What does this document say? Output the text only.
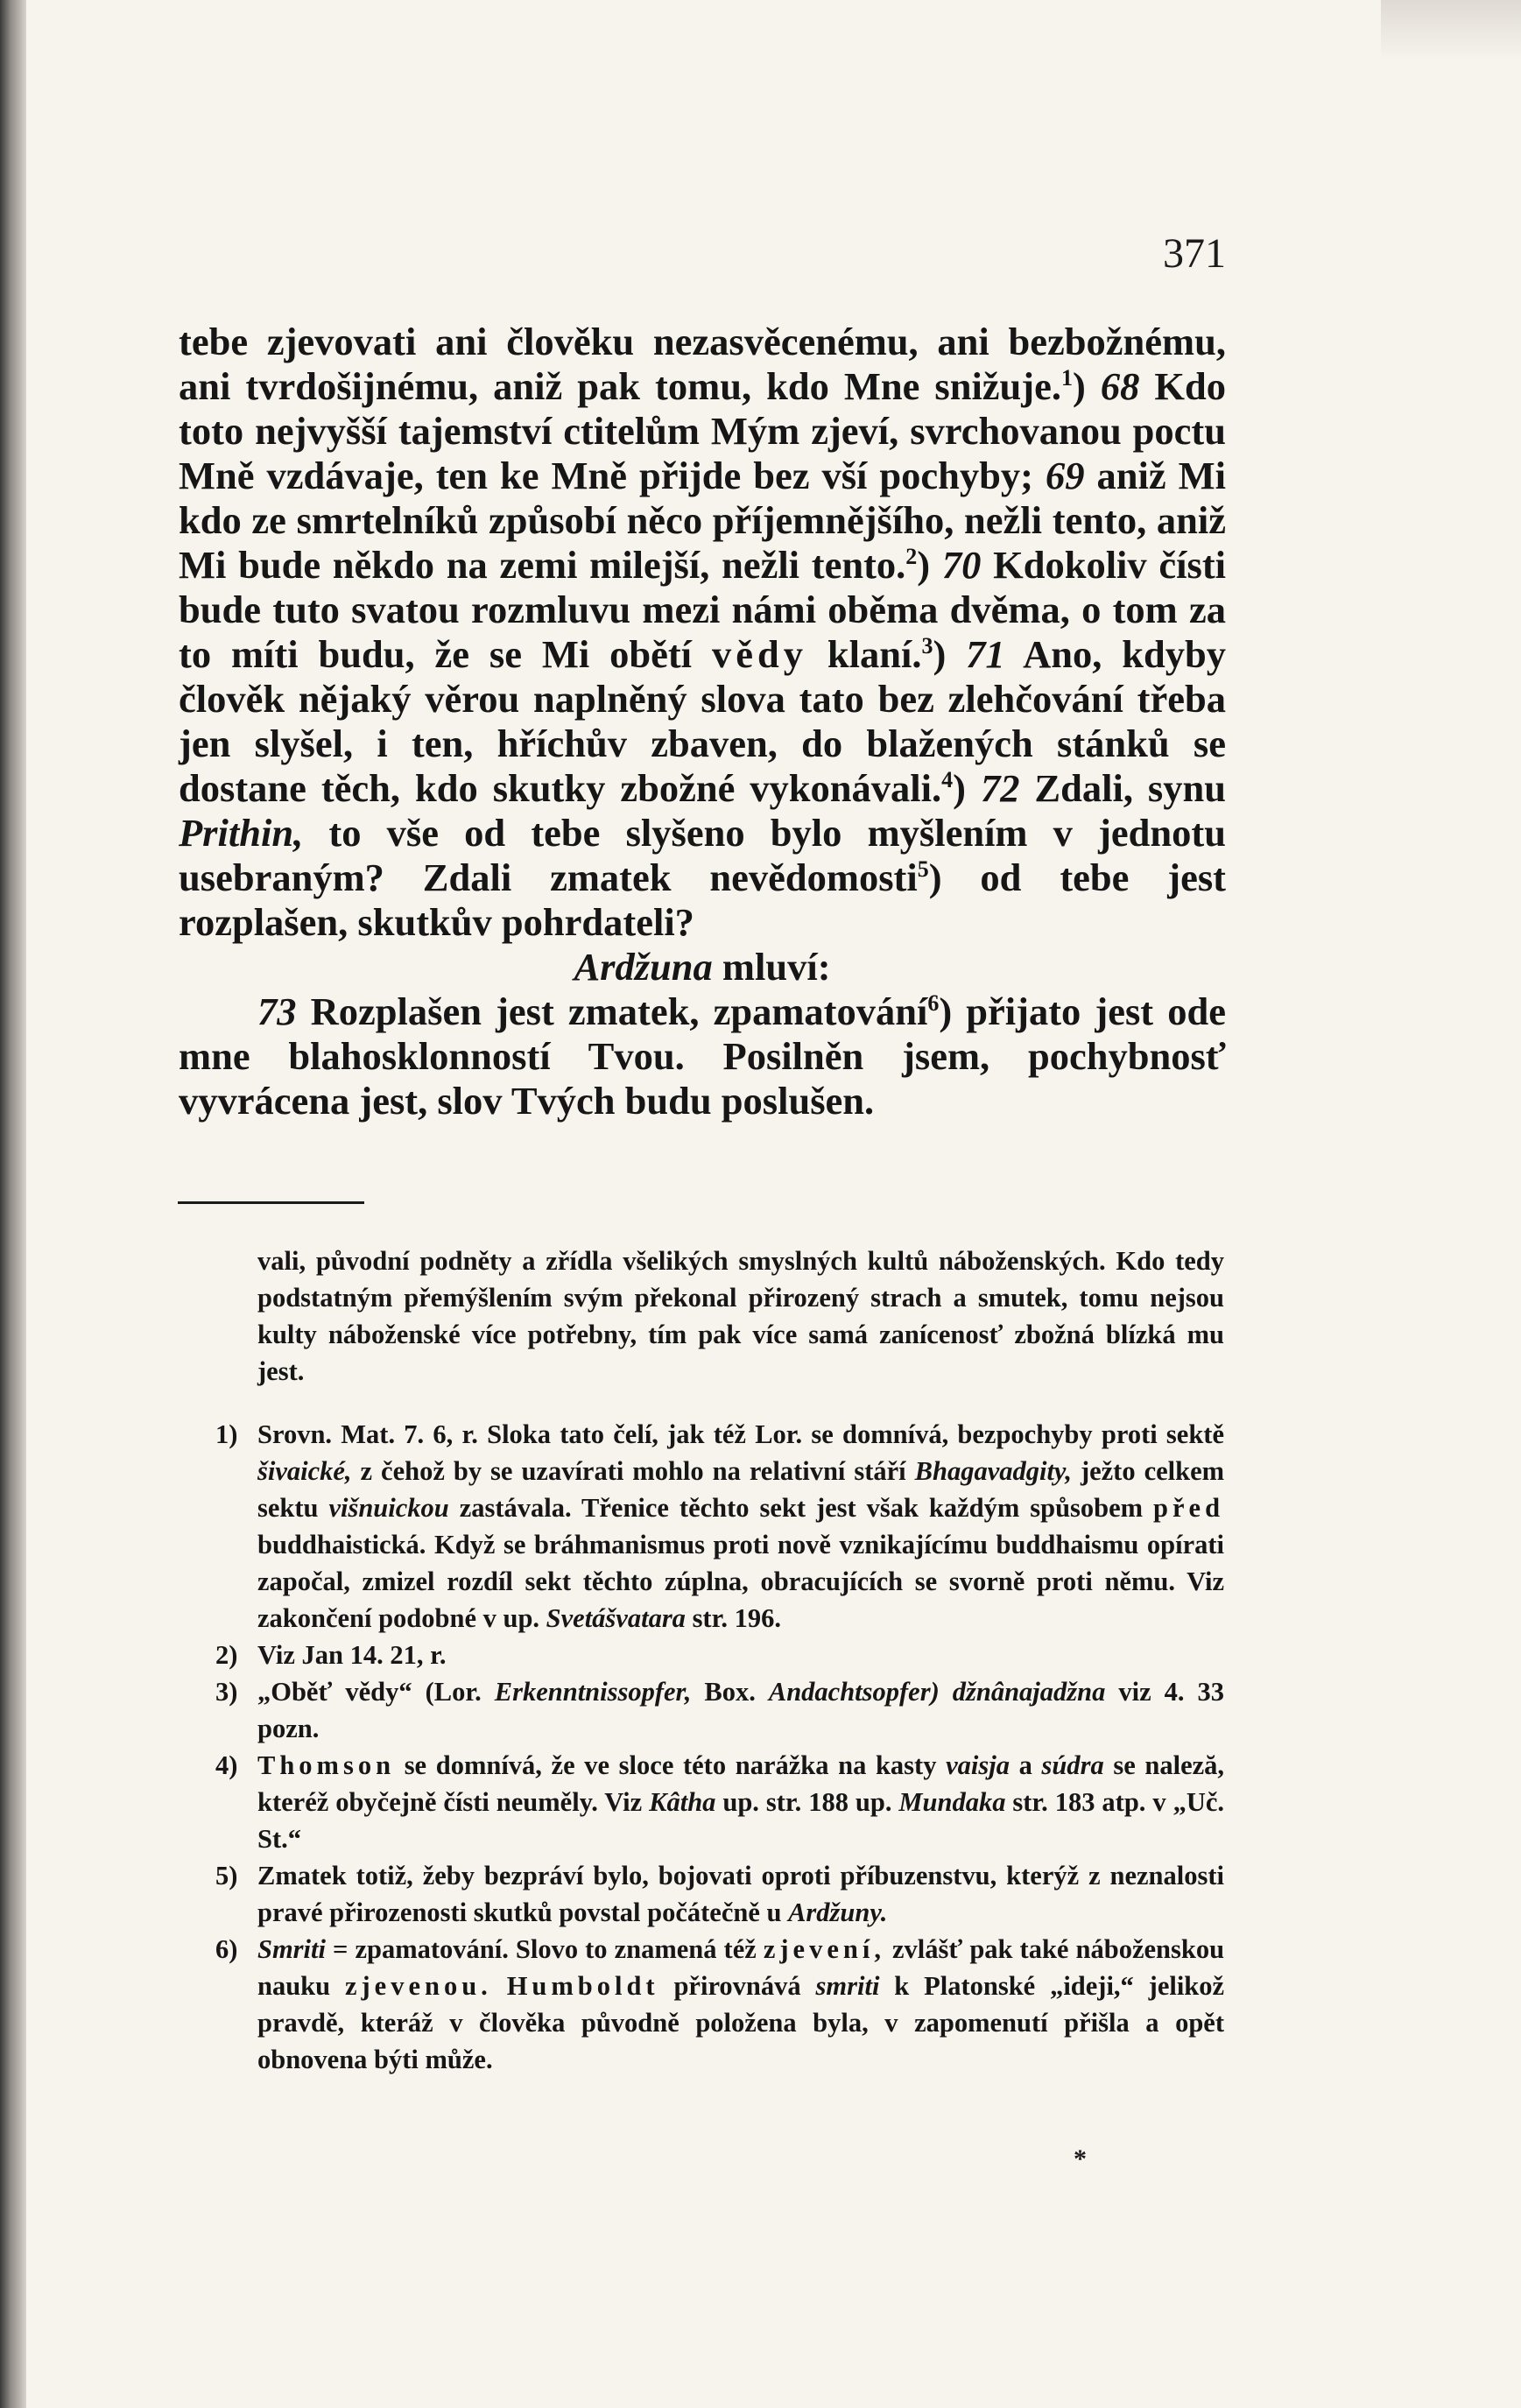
371

tebe zjevovati ani člověku nezasvěcenému, ani bezbožnému, ani tvrdošijnému, aniž pak tomu, kdo Mne snižuje.$^1$) 68 Kdo toto nejvyšší tajemství ctitelům Mým zjeví, svrchovanou poctu Mně vzdávaje, ten ke Mně přijde bez vší pochyby; 69 aniž Mi kdo ze smrtelníků způsobí něco příjemnějšího, nežli tento, aniž Mi bude někdo na zemi milejší, nežli tento.$^2$) 70 Kdokoliv čísti bude tuto svatou rozmluvu mezi námi oběma dvěma, o tom za to míti budu, že se Mi obětí vědy klaní.$^3$) 71 Ano, kdyby člověk nějaký věrou naplněný slova tato bez zlehčování třeba jen slyšel, i ten, hříchův zbaven, do blažených stánků se dostane těch, kdo skutky zbožné vykonávali.$^4$) 72 Zdali, synu Prithin, to vše od tebe slyšeno bylo myšlením v jednotu usebraným? Zdali zmatek nevědomosti$^5$) od tebe jest rozplašen, skutkův pohrdateli?

Ardžuna mluví:

73 Rozplašen jest zmatek, zpamatování$^6$) přijato jest ode mne blahosklonností Tvou. Posilněn jsem, pochybnosť vyvrácena jest, slov Tvých budu poslušen.

vali, původní podněty a zřídla všelikých smyslných kultů náboženských. Kdo tedy podstatným přemýšlením svým překonal přirozený strach a smutek, tomu nejsou kulty náboženské více potřebny, tím pak více samá zanícenosť zbožná blízká mu jest.

1) Srovn. Mat. 7. 6, r. Sloka tato čelí, jak též Lor. se domnívá, bezpochyby proti sektě šivaické, z čehož by se uzavírati mohlo na relativní stáří Bhagavadgity, ježto celkem sektu višnuickou zastávala. Třenice těchto sekt jest však každým spůsobem před buddhaistická. Když se bráhmanismus proti nově vznikajícímu buddhaismu opírati započal, zmizel rozdíl sekt těchto zúplna, obracujících se svorně proti němu. Viz zakončení podobné v up. Svetášvatara str. 196.
2) Viz Jan 14. 21, r.
3) „Oběť vědy“ (Lor. Erkenntnissopfer, Box. Andachtsopfer) džnânajadžna viz 4. 33 pozn.
4) Thomson se domnívá, že ve sloce této narážka na kasty vaisja a súdra se naleză, kteréž obyčejně čísti neuměly. Viz Kâtha up. str. 188 up. Mundaka str. 183 atp. v „Uč. St.“
5) Zmatek totiž, žeby bezpráví bylo, bojovati oproti příbuzenstvu, kterýž z neznalosti pravé přirozenosti skutků povstal počátečně u Ardžuny.
6) Smriti = zpamatování. Slovo to znamená též zjevení, zvlášť pak také náboženskou nauku zjevenou. Humboldt přirovnává smriti k Platonské „ideji,“ jelikož pravdě, kteráž v člověka původně položena byla, v zapomenutí přišla a opět obnovena býti může.
*
